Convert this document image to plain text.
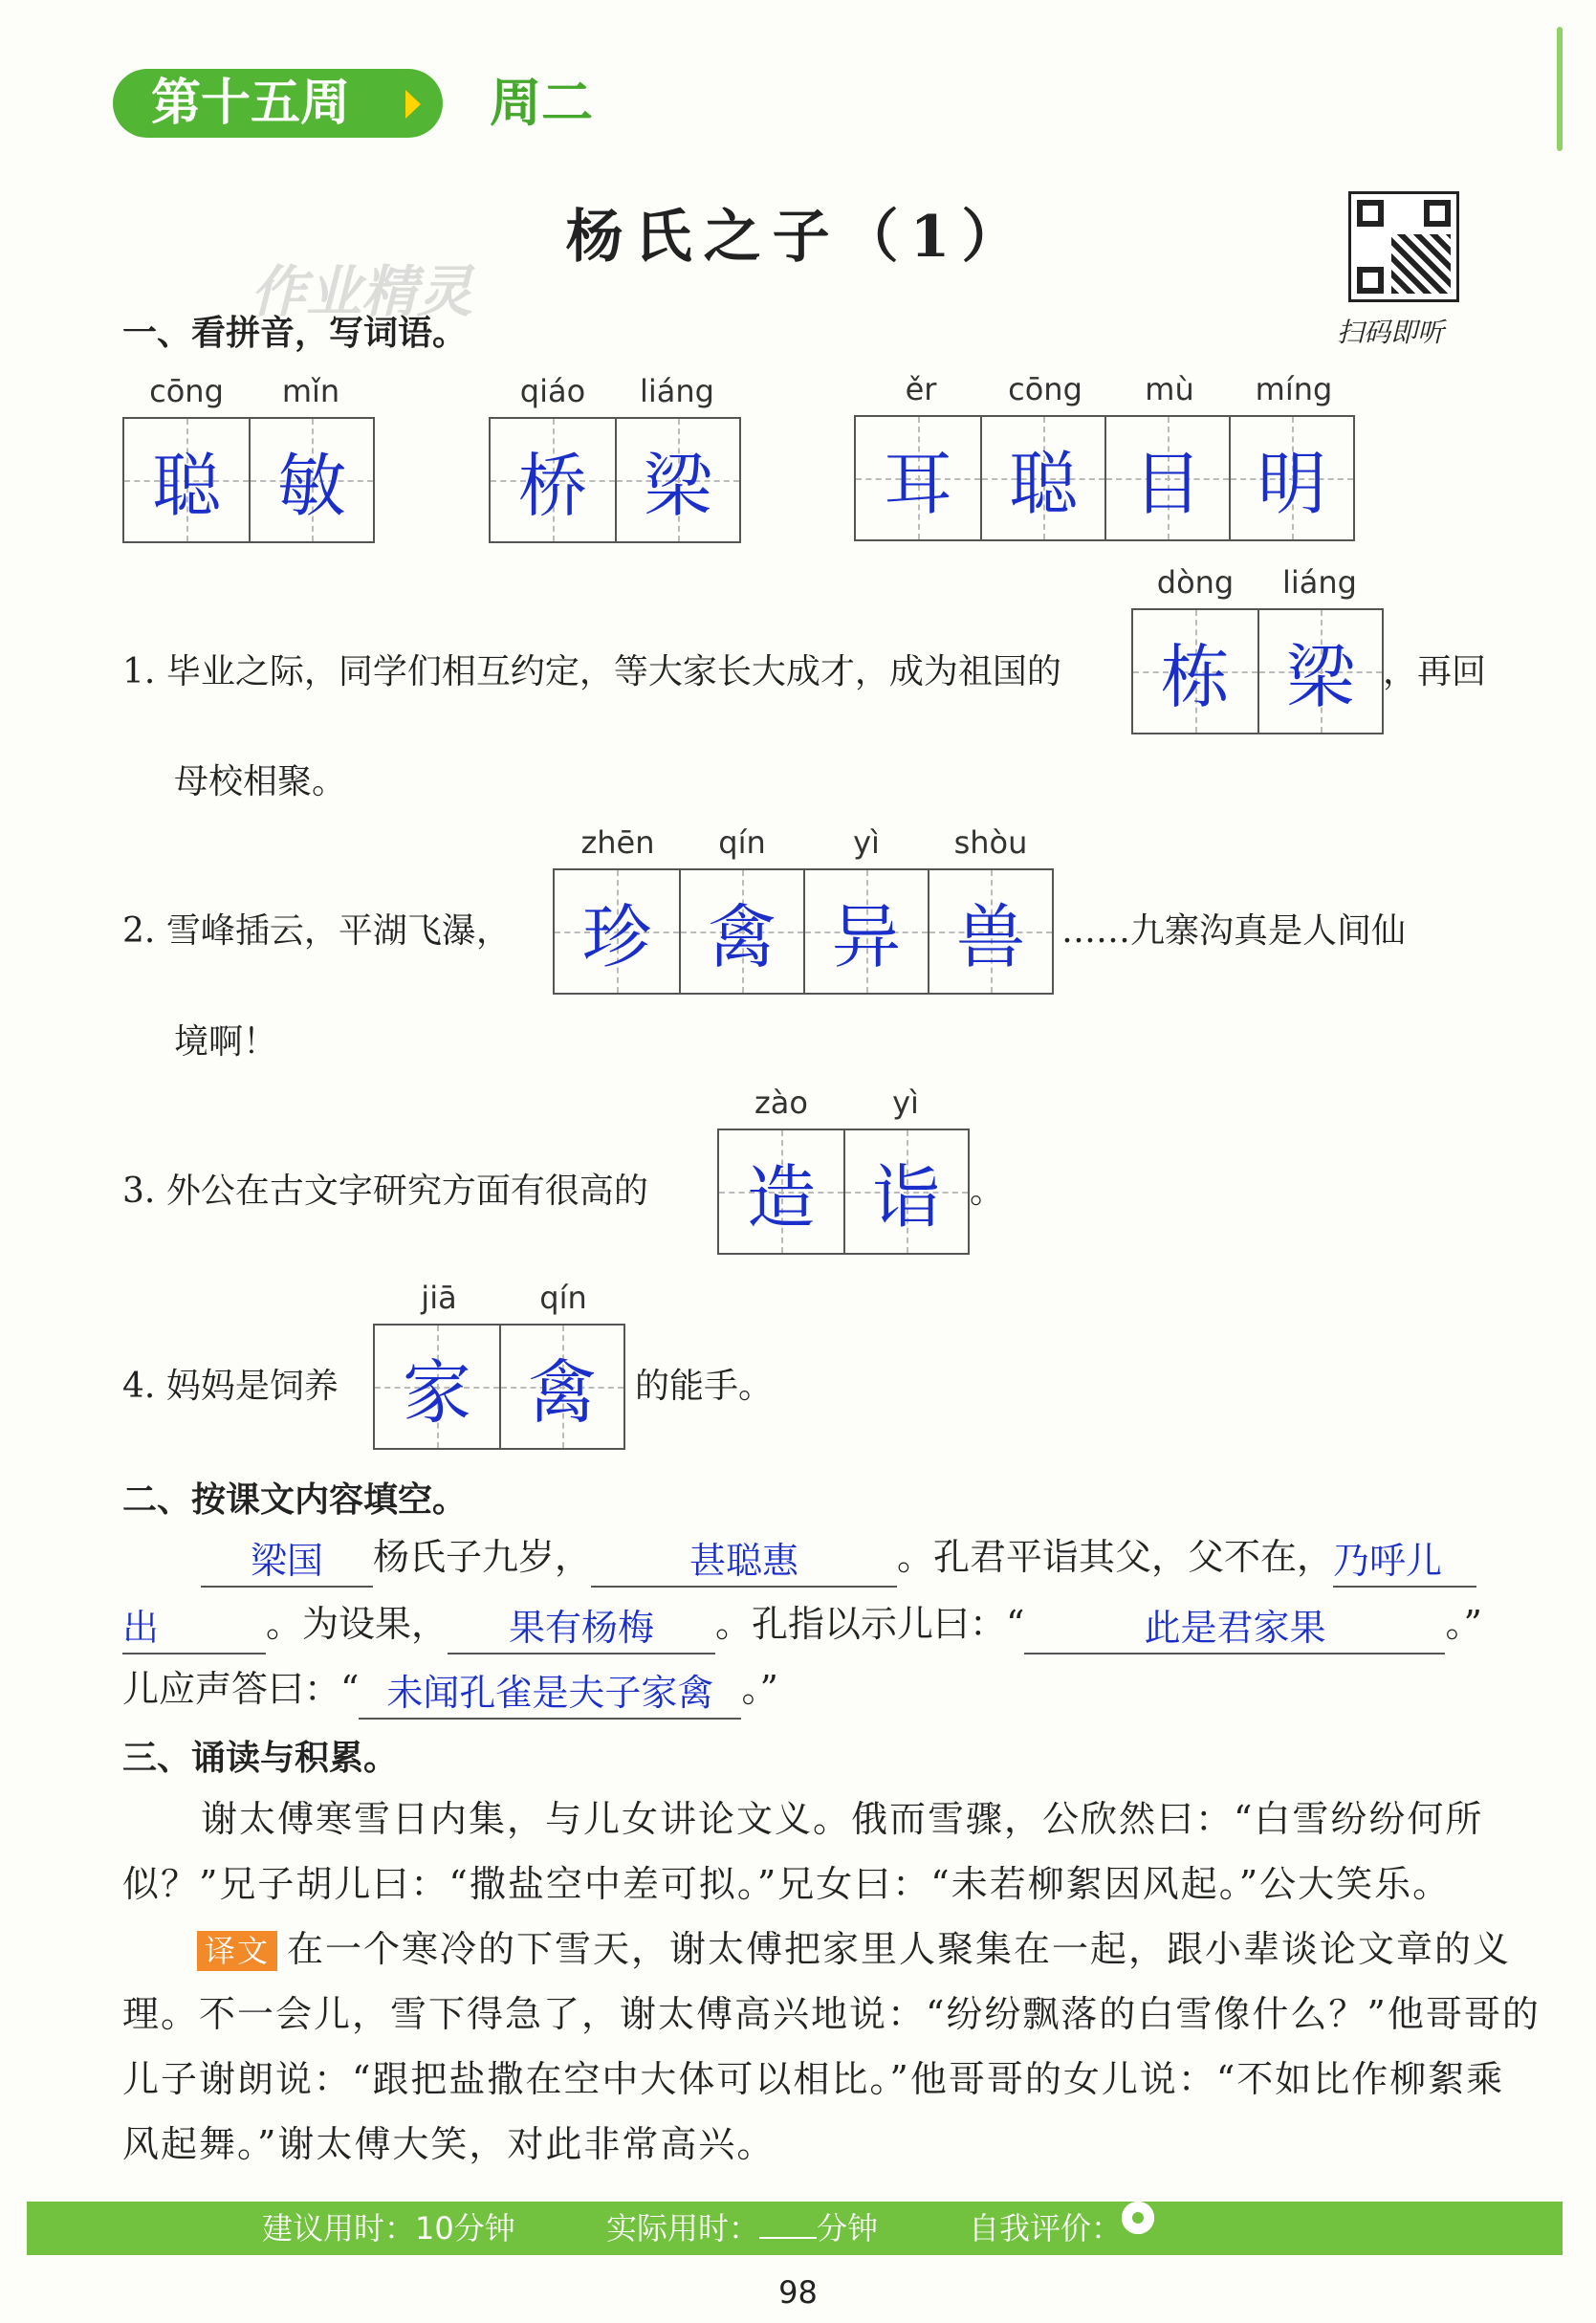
第十五周	周二
杨氏之子（1）
作业精灵
扫码即听
一、看拼音，写词语。
cōng	mǐn
聪 敏
qiáo	liáng
桥 梁
ěr	cōng	mù	míng
耳 聪 目 明
dòng	liáng
1. 毕业之际，同学们相互约定，等大家长大成才，成为祖国的 栋 梁 ，再回
母校相聚。
zhēn	qín	yì	shòu
2. 雪峰插云，平湖飞瀑， 珍 禽 异 兽 ……九寨沟真是人间仙
境啊！
zào	yì
3. 外公在古文字研究方面有很高的 造 诣 。
jiā	qín
4. 妈妈是饲养 家 禽 的能手。
二、按课文内容填空。
梁国 杨氏子九岁，	甚聪惠	。孔君平诣其父，父不在，乃呼儿
出	。为设果， 果有杨梅 。孔指以示儿曰：“	此是君家果	。”
儿应声答曰：“ 未闻孔雀是夫子家禽 。”
三、诵读与积累。
谢太傅寒雪日内集，与儿女讲论文义。俄而雪骤，公欣然曰：“白雪纷纷何所
似？”兄子胡儿曰：“撒盐空中差可拟。”兄女曰：“未若柳絮因风起。”公大笑乐。
译文 在一个寒冷的下雪天，谢太傅把家里人聚集在一起，跟小辈谈论文章的义
理。不一会儿，雪下得急了，谢太傅高兴地说：“纷纷飘落的白雪像什么？”他哥哥的
儿子谢朗说：“跟把盐撒在空中大体可以相比。”他哥哥的女儿说：“不如比作柳絮乘
风起舞。”谢太傅大笑，对此非常高兴。
建议用时：10分钟	实际用时： 分钟	自我评价：
98
